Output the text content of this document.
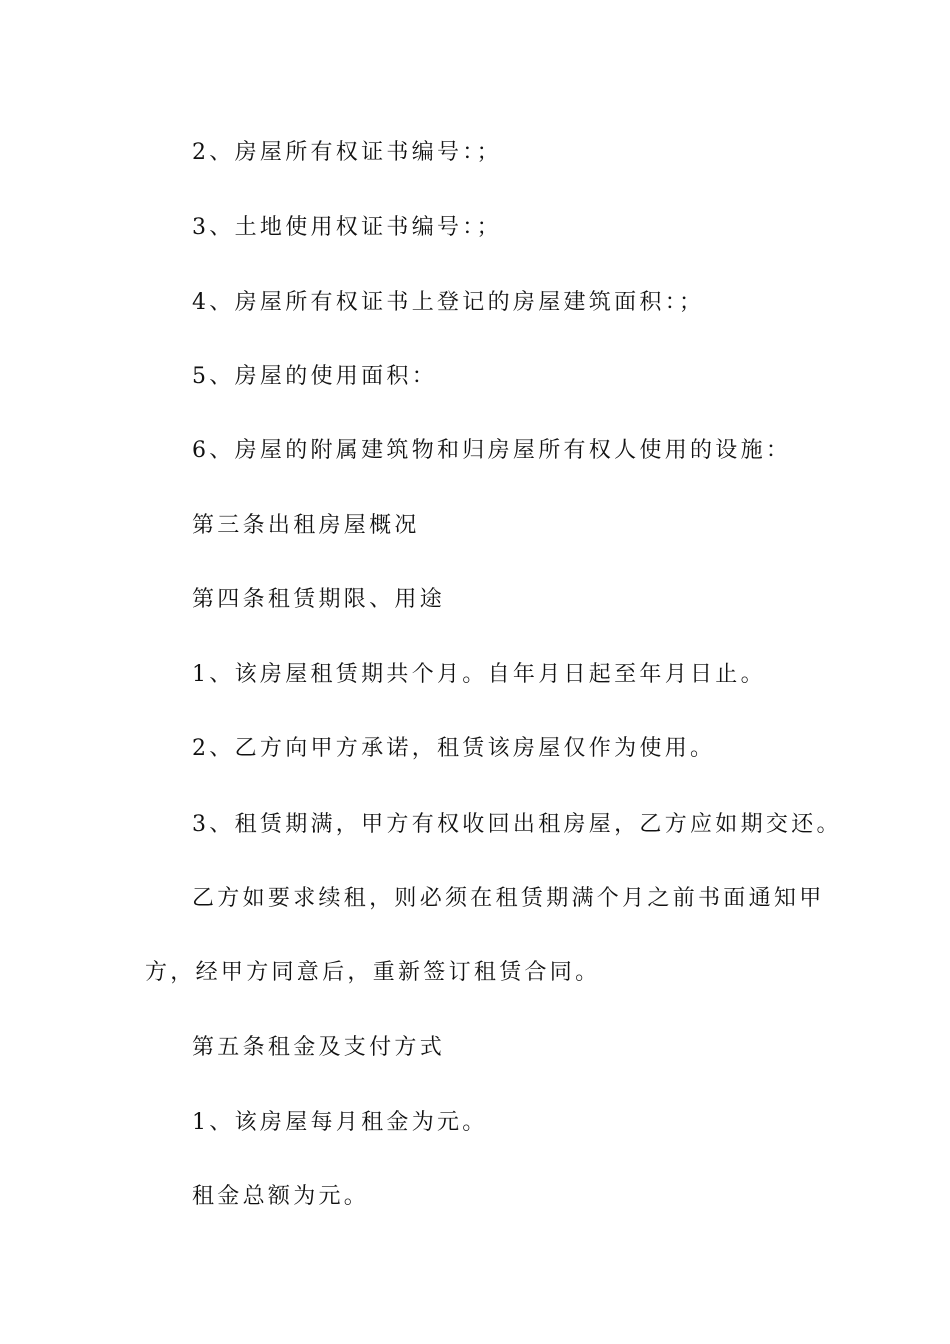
2、房屋所有权证书编号：；

3、土地使用权证书编号：；

4、房屋所有权证书上登记的房屋建筑面积：；

5、房屋的使用面积：

6、房屋的附属建筑物和归房屋所有权人使用的设施：

第三条出租房屋概况

第四条租赁期限、用途

1、该房屋租赁期共个月。自年月日起至年月日止。

2、乙方向甲方承诺，租赁该房屋仅作为使用。

3、租赁期满，甲方有权收回出租房屋，乙方应如期交还。

乙方如要求续租，则必须在租赁期满个月之前书面通知甲

方，经甲方同意后，重新签订租赁合同。

第五条租金及支付方式

1、该房屋每月租金为元。

租金总额为元。
